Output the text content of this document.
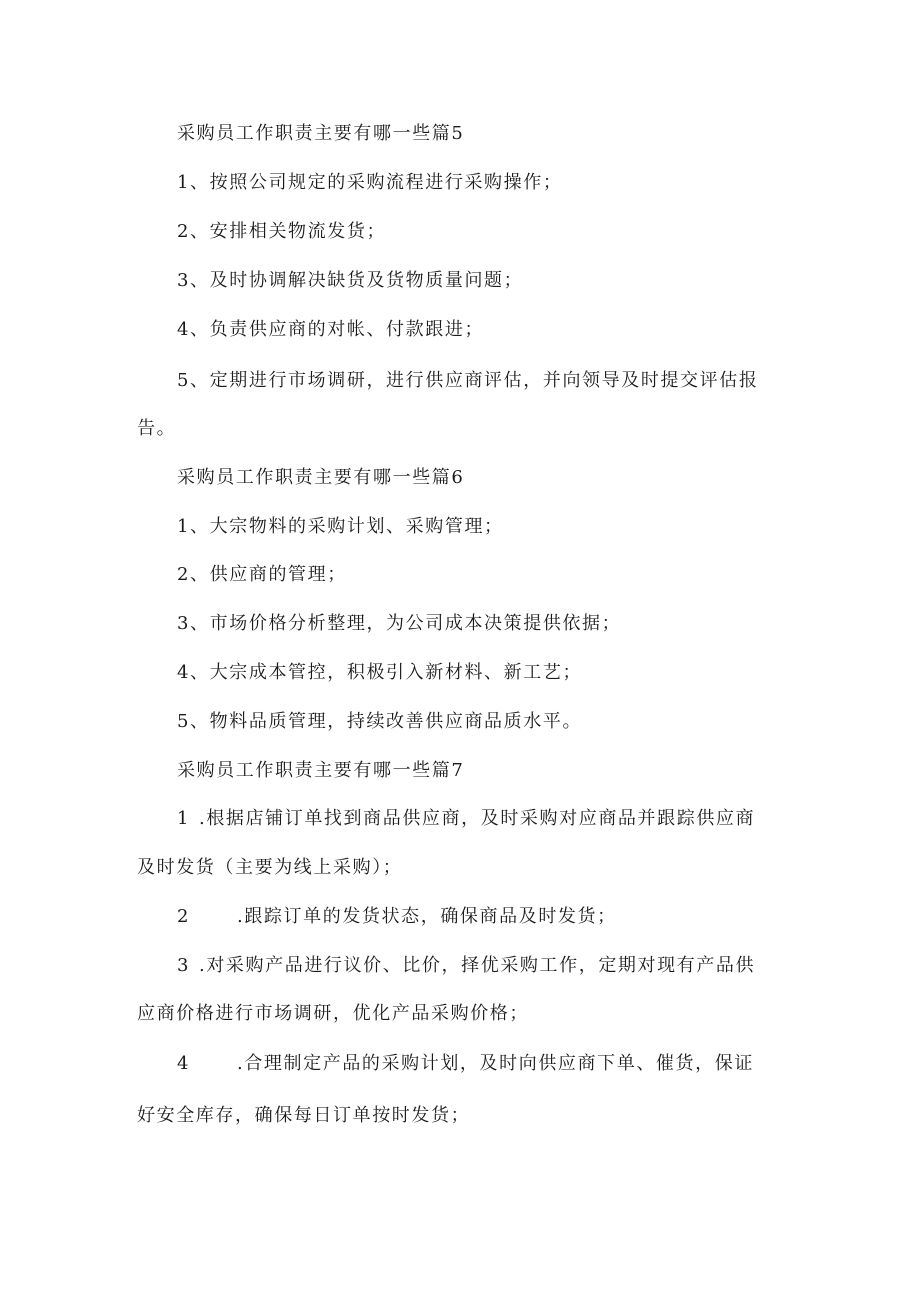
采购员工作职责主要有哪一些篇5

1、按照公司规定的采购流程进行采购操作；

2、安排相关物流发货；

3、及时协调解决缺货及货物质量问题；

4、负责供应商的对帐、付款跟进；

5、定期进行市场调研，进行供应商评估，并向领导及时提交评估报

告。

采购员工作职责主要有哪一些篇6

1、大宗物料的采购计划、采购管理；

2、供应商的管理；

3、市场价格分析整理，为公司成本决策提供依据；

4、大宗成本管控，积极引入新材料、新工艺；

5、物料品质管理，持续改善供应商品质水平。

采购员工作职责主要有哪一些篇7

1 .根据店铺订单找到商品供应商，及时采购对应商品并跟踪供应商

及时发货（主要为线上采购）；

2	.跟踪订单的发货状态，确保商品及时发货；

3 .对采购产品进行议价、比价，择优采购工作，定期对现有产品供

应商价格进行市场调研，优化产品采购价格；

4	.合理制定产品的采购计划，及时向供应商下单、催货，保证

好安全库存，确保每日订单按时发货；
